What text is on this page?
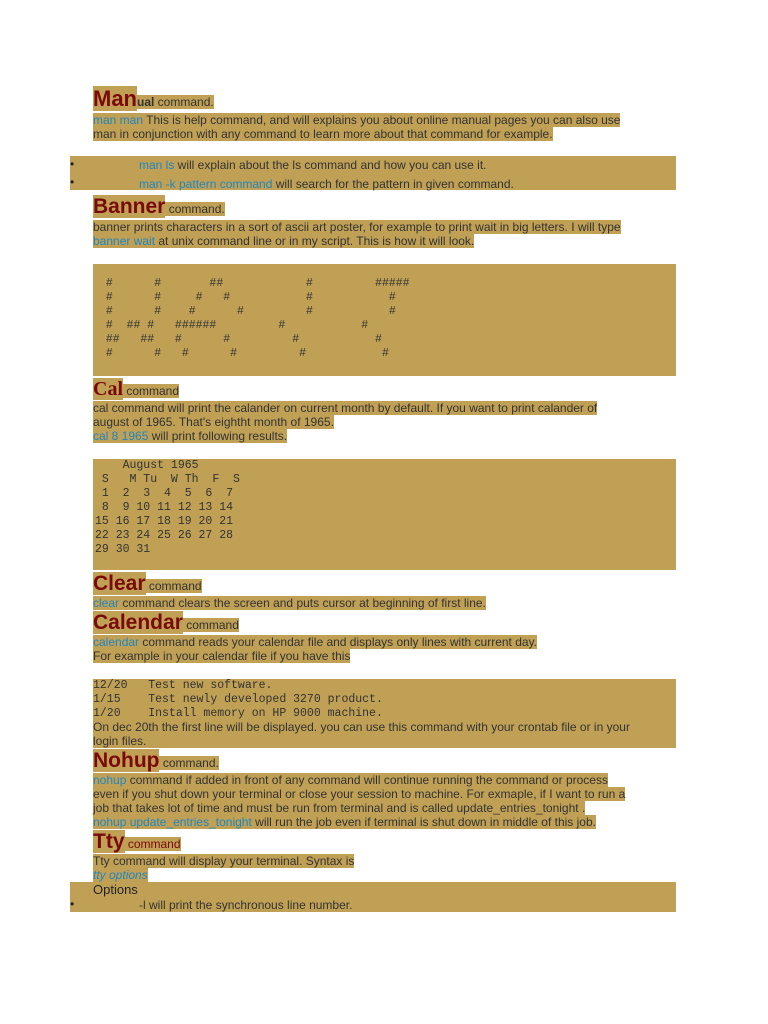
Manual command.
man man This is help command, and will explains you about online manual pages you can also use
man in conjunction with any command to learn more about that command for example.
•	man ls will explain about the ls command and how you can use it.
•	man -k pattern command will search for the pattern in given command.
Banner command.
banner prints characters in a sort of ascii art poster, for example to print wait in big letters. I will type
banner wait at unix command line or in my script. This is how it will look.
#      #       ##            #         #####
#      #     #   #           #           #
#      #    #      #         #           #
#  ## #   ######         #           #
##   ##   #      #         #           #
#      #   #      #         #           #
Cal command
cal command will print the calander on current month by default. If you want to print calander of
august of 1965. That's eightht month of 1965.
cal 8 1965 will print following results.
August 1965
S   M Tu  W Th  F  S
1  2  3  4  5  6  7
8  9 10 11 12 13 14
15 16 17 18 19 20 21
22 23 24 25 26 27 28
29 30 31
Clear command
clear command clears the screen and puts cursor at beginning of first line.
Calendar command
calendar command reads your calendar file and displays only lines with current day.
For example in your calendar file if you have this
12/20   Test new software.
1/15    Test newly developed 3270 product.
1/20    Install memory on HP 9000 machine.
On dec 20th the first line will be displayed. you can use this command with your crontab file or in your
login files.
Nohup command.
nohup command if added in front of any command will continue running the command or process
even if you shut down your terminal or close your session to machine. For exmaple, if I want to run a
job that takes lot of time and must be run from terminal and is called update_entries_tonight .
nohup update_entries_tonight will run the job even if terminal is shut down in middle of this job.
Tty command
Tty command will display your terminal. Syntax is
tty options
Options
•	-l will print the synchronous line number.
